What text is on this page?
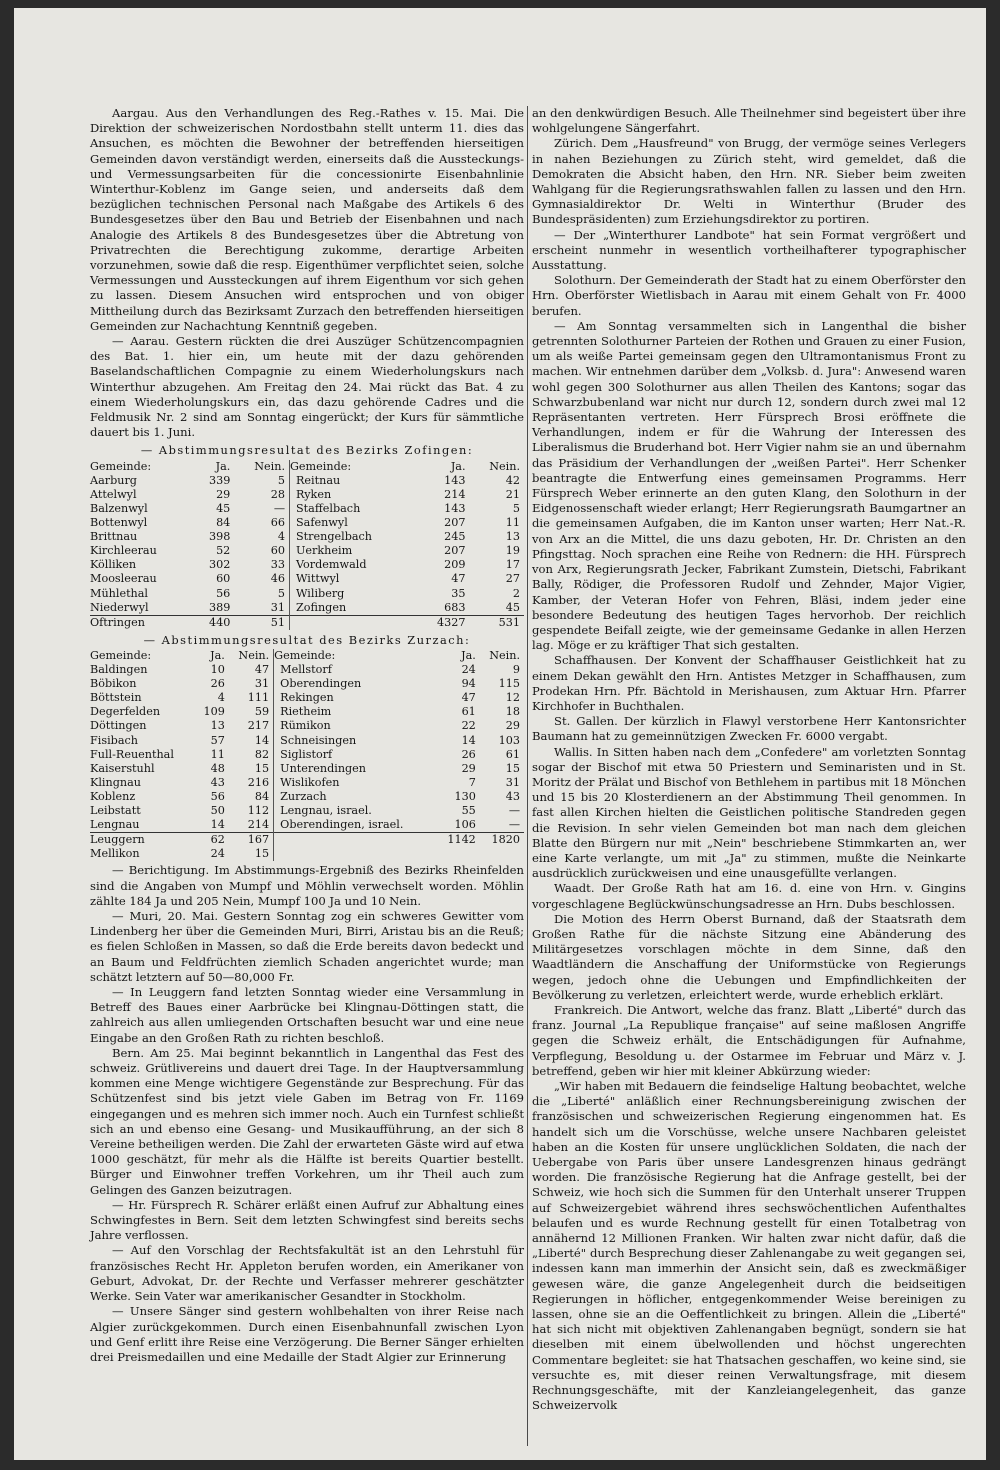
Aargau. Aus den Verhandlungen des Reg.-Rathes v. 15. Mai. Die Direktion der schweizerischen Nordostbahn stellt unterm 11. dies das Ansuchen, es möchten die Bewohner der betreffenden hierseitigen Gemeinden davon verständigt werden, einerseits daß die Aussteckungs- und Vermessungsarbeiten für die concessionirte Eisenbahnlinie Winterthur-Koblenz im Gange seien, und anderseits daß dem bezüglichen technischen Personal nach Maßgabe des Artikels 6 des Bundesgesetzes über den Bau und Betrieb der Eisenbahnen und nach Analogie des Artikels 8 des Bundesgesetzes über die Abtretung von Privatrechten die Berechtigung zukomme, derartige Arbeiten vorzunehmen, sowie daß die resp. Eigenthümer verpflichtet seien, solche Vermessungen und Aussteckungen auf ihrem Eigenthum vor sich gehen zu lassen. Diesem Ansuchen wird entsprochen und von obiger Mittheilung durch das Bezirksamt Zurzach den betreffenden hierseitigen Gemeinden zur Nachachtung Kenntniß gegeben.

— Aarau. Gestern rückten die drei Auszüger Schützencompagnien des Bat. 1. hier ein, um heute mit der dazu gehörenden Baselandschaftlichen Compagnie zu einem Wiederholungskurs nach Winterthur abzugehen. Am Freitag den 24. Mai rückt das Bat. 4 zu einem Wiederholungskurs ein, das dazu gehörende Cadres und die Feldmusik Nr. 2 sind am Sonntag eingerückt; der Kurs für sämmtliche dauert bis 1. Juni.

— Abstimmungsresultat des Bezirks Zofingen:
Gemeinde:	Ja.	Nein.	Gemeinde:	Ja.	Nein.
Aarburg	339	5	Reitnau	143	42
Attelwyl	29	28	Ryken	214	21
Balzenwyl	45	—	Staffelbach	143	5
Bottenwyl	84	66	Safenwyl	207	11
Brittnau	398	4	Strengelbach	245	13
Kirchleerau	52	60	Uerkheim	207	19
Kölliken	302	33	Vordemwald	209	17
Moosleerau	60	46	Wittwyl	47	27
Mühlethal	56	5	Wiliberg	35	2
Niederwyl	389	31	Zofingen	683	45
Oftringen	440	51		4327	531
— Abstimmungsresultat des Bezirks Zurzach:
Gemeinde:	Ja.	Nein.	Gemeinde:	Ja.	Nein.
Baldingen	10	47	Mellstorf	24	9
Böbikon	26	31	Oberendingen	94	115
Böttstein	4	111	Rekingen	47	12
Degerfelden	109	59	Rietheim	61	18
Döttingen	13	217	Rümikon	22	29
Fisibach	57	14	Schneisingen	14	103
Full-Reuenthal	11	82	Siglistorf	26	61
Kaiserstuhl	48	15	Unterendingen	29	15
Klingnau	43	216	Wislikofen	7	31
Koblenz	56	84	Zurzach	130	43
Leibstatt	50	112	Lengnau, israel.	55	—
Lengnau	14	214	Oberendingen, israel.	106	—
Leuggern	62	167		1142	1820
Mellikon	24	15			

— Berichtigung. Im Abstimmungs-Ergebniß des Bezirks Rheinfelden sind die Angaben von Mumpf und Möhlin verwechselt worden. Möhlin zählte 184 Ja und 205 Nein, Mumpf 100 Ja und 10 Nein.

— Muri, 20. Mai. Gestern Sonntag zog ein schweres Gewitter vom Lindenberg her über die Gemeinden Muri, Birri, Aristau bis an die Reuß; es fielen Schloßen in Massen, so daß die Erde bereits davon bedeckt und an Baum und Feldfrüchten ziemlich Schaden angerichtet wurde; man schätzt letztern auf 50—80,000 Fr.

— In Leuggern fand letzten Sonntag wieder eine Versammlung in Betreff des Baues einer Aarbrücke bei Klingnau-Döttingen statt, die zahlreich aus allen umliegenden Ortschaften besucht war und eine neue Eingabe an den Großen Rath zu richten beschloß.

Bern. Am 25. Mai beginnt bekanntlich in Langenthal das Fest des schweiz. Grütlivereins und dauert drei Tage. In der Hauptversammlung kommen eine Menge wichtigere Gegenstände zur Besprechung. Für das Schützenfest sind bis jetzt viele Gaben im Betrag von Fr. 1169 eingegangen und es mehren sich immer noch. Auch ein Turnfest schließt sich an und ebenso eine Gesang- und Musikaufführung, an der sich 8 Vereine betheiligen werden. Die Zahl der erwarteten Gäste wird auf etwa 1000 geschätzt, für mehr als die Hälfte ist bereits Quartier bestellt. Bürger und Einwohner treffen Vorkehren, um ihr Theil auch zum Gelingen des Ganzen beizutragen.

— Hr. Fürsprech R. Schärer erläßt einen Aufruf zur Abhaltung eines Schwingfestes in Bern. Seit dem letzten Schwingfest sind bereits sechs Jahre verflossen.

— Auf den Vorschlag der Rechtsfakultät ist an den Lehrstuhl für französisches Recht Hr. Appleton berufen worden, ein Amerikaner von Geburt, Advokat, Dr. der Rechte und Verfasser mehrerer geschätzter Werke. Sein Vater war amerikanischer Gesandter in Stockholm.

— Unsere Sänger sind gestern wohlbehalten von ihrer Reise nach Algier zurückgekommen. Durch einen Eisenbahnunfall zwischen Lyon und Genf erlitt ihre Reise eine Verzögerung. Die Berner Sänger erhielten drei Preismedaillen und eine Medaille der Stadt Algier zur Erinnerung

an den denkwürdigen Besuch. Alle Theilnehmer sind begeistert über ihre wohlgelungene Sängerfahrt.

Zürich. Dem „Hausfreund" von Brugg, der vermöge seines Verlegers in nahen Beziehungen zu Zürich steht, wird gemeldet, daß die Demokraten die Absicht haben, den Hrn. NR. Sieber beim zweiten Wahlgang für die Regierungsrathswahlen fallen zu lassen und den Hrn. Gymnasialdirektor Dr. Welti in Winterthur (Bruder des Bundespräsidenten) zum Erziehungsdirektor zu portiren.

— Der „Winterthurer Landbote" hat sein Format vergrößert und erscheint nunmehr in wesentlich vortheilhafterer typographischer Ausstattung.

Solothurn. Der Gemeinderath der Stadt hat zu einem Oberförster den Hrn. Oberförster Wietlisbach in Aarau mit einem Gehalt von Fr. 4000 berufen.

— Am Sonntag versammelten sich in Langenthal die bisher getrennten Solothurner Parteien der Rothen und Grauen zu einer Fusion, um als weiße Partei gemeinsam gegen den Ultramontanismus Front zu machen. Wir entnehmen darüber dem „Volksb. d. Jura": Anwesend waren wohl gegen 300 Solothurner aus allen Theilen des Kantons; sogar das Schwarzbubenland war nicht nur durch 12, sondern durch zwei mal 12 Repräsentanten vertreten. Herr Fürsprech Brosi eröffnete die Verhandlungen, indem er für die Wahrung der Interessen des Liberalismus die Bruderhand bot. Herr Vigier nahm sie an und übernahm das Präsidium der Verhandlungen der „weißen Partei". Herr Schenker beantragte die Entwerfung eines gemeinsamen Programms. Herr Fürsprech Weber erinnerte an den guten Klang, den Solothurn in der Eidgenossenschaft wieder erlangt; Herr Regierungsrath Baumgartner an die gemeinsamen Aufgaben, die im Kanton unser warten; Herr Nat.-R. von Arx an die Mittel, die uns dazu geboten, Hr. Dr. Christen an den Pfingsttag. Noch sprachen eine Reihe von Rednern: die HH. Fürsprech von Arx, Regierungsrath Jecker, Fabrikant Zumstein, Dietschi, Fabrikant Bally, Rödiger, die Professoren Rudolf und Zehnder, Major Vigier, Kamber, der Veteran Hofer von Fehren, Bläsi, indem jeder eine besondere Bedeutung des heutigen Tages hervorhob. Der reichlich gespendete Beifall zeigte, wie der gemeinsame Gedanke in allen Herzen lag. Möge er zu kräftiger That sich gestalten.

Schaffhausen. Der Konvent der Schaffhauser Geistlichkeit hat zu einem Dekan gewählt den Hrn. Antistes Metzger in Schaffhausen, zum Prodekan Hrn. Pfr. Bächtold in Merishausen, zum Aktuar Hrn. Pfarrer Kirchhofer in Buchthalen.

St. Gallen. Der kürzlich in Flawyl verstorbene Herr Kantonsrichter Baumann hat zu gemeinnützigen Zwecken Fr. 6000 vergabt.

Wallis. In Sitten haben nach dem „Confedere" am vorletzten Sonntag sogar der Bischof mit etwa 50 Priestern und Seminaristen und in St. Moritz der Prälat und Bischof von Bethlehem in partibus mit 18 Mönchen und 15 bis 20 Klosterdienern an der Abstimmung Theil genommen. In fast allen Kirchen hielten die Geistlichen politische Standreden gegen die Revision. In sehr vielen Gemeinden bot man nach dem gleichen Blatte den Bürgern nur mit „Nein" beschriebene Stimmkarten an, wer eine Karte verlangte, um mit „Ja" zu stimmen, mußte die Neinkarte ausdrücklich zurückweisen und eine unausgefüllte verlangen.

Waadt. Der Große Rath hat am 16. d. eine von Hrn. v. Gingins vorgeschlagene Beglückwünschungsadresse an Hrn. Dubs beschlossen.

Die Motion des Herrn Oberst Burnand, daß der Staatsrath dem Großen Rathe für die nächste Sitzung eine Abänderung des Militärgesetzes vorschlagen möchte in dem Sinne, daß den Waadtländern die Anschaffung der Uniformstücke von Regierungs wegen, jedoch ohne die Uebungen und Empfindlichkeiten der Bevölkerung zu verletzen, erleichtert werde, wurde erheblich erklärt.

Frankreich. Die Antwort, welche das franz. Blatt „Liberté" durch das franz. Journal „La Republique française" auf seine maßlosen Angriffe gegen die Schweiz erhält, die Entschädigungen für Aufnahme, Verpflegung, Besoldung u. der Ostarmee im Februar und März v. J. betreffend, geben wir hier mit kleiner Abkürzung wieder:

„Wir haben mit Bedauern die feindselige Haltung beobachtet, welche die „Liberté" anläßlich einer Rechnungsbereinigung zwischen der französischen und schweizerischen Regierung eingenommen hat. Es handelt sich um die Vorschüsse, welche unsere Nachbaren geleistet haben an die Kosten für unsere unglücklichen Soldaten, die nach der Uebergabe von Paris über unsere Landesgrenzen hinaus gedrängt worden. Die französische Regierung hat die Anfrage gestellt, bei der Schweiz, wie hoch sich die Summen für den Unterhalt unserer Truppen auf Schweizergebiet während ihres sechswöchentlichen Aufenthaltes belaufen und es wurde Rechnung gestellt für einen Totalbetrag von annähernd 12 Millionen Franken. Wir halten zwar nicht dafür, daß die „Liberté" durch Besprechung dieser Zahlenangabe zu weit gegangen sei, indessen kann man immerhin der Ansicht sein, daß es zweckmäßiger gewesen wäre, die ganze Angelegenheit durch die beidseitigen Regierungen in höflicher, entgegenkommender Weise bereinigen zu lassen, ohne sie an die Oeffentlichkeit zu bringen. Allein die „Liberté" hat sich nicht mit objektiven Zahlenangaben begnügt, sondern sie hat dieselben mit einem übelwollenden und höchst ungerechten Commentare begleitet: sie hat Thatsachen geschaffen, wo keine sind, sie versuchte es, mit dieser reinen Verwaltungsfrage, mit diesem Rechnungsgeschäfte, mit der Kanzleiangelegenheit, das ganze Schweizervolk
